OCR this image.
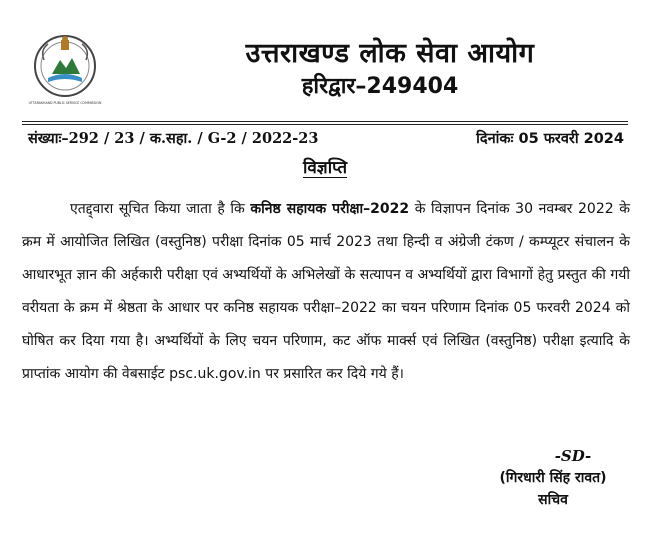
UTTARAKHAND PUBLIC SERVICE COMMISSION
उत्तराखण्ड लोक सेवा आयोग
हरिद्वार–249404
संख्याः–292 / 23 / क.सहा. / G-2 / 2022-23	दिनांकः 05 फरवरी 2024
विज्ञप्ति
एतद्द्वारा सूचित किया जाता है कि कनिष्ठ सहायक परीक्षा–2022 के विज्ञापन दिनांक 30 नवम्बर 2022 के क्रम में आयोजित लिखित (वस्तुनिष्ठ) परीक्षा दिनांक 05 मार्च 2023 तथा हिन्दी व अंग्रेजी टंकण / कम्प्यूटर संचालन के आधारभूत ज्ञान की अर्हकारी परीक्षा एवं अभ्यर्थियों के अभिलेखों के सत्यापन व अभ्यर्थियों द्वारा विभागों हेतु प्रस्तुत की गयी वरीयता के क्रम में श्रेष्ठता के आधार पर कनिष्ठ सहायक परीक्षा–2022 का चयन परिणाम दिनांक 05 फरवरी 2024 को घोषित कर दिया गया है। अभ्यर्थियों के लिए चयन परिणाम, कट ऑफ मार्क्स एवं लिखित (वस्तुनिष्ठ) परीक्षा इत्यादि के प्राप्तांक आयोग की वेबसाईट psc.uk.gov.in पर प्रसारित कर दिये गये हैं।
-SD-
(गिरधारी सिंह रावत)
सचिव
